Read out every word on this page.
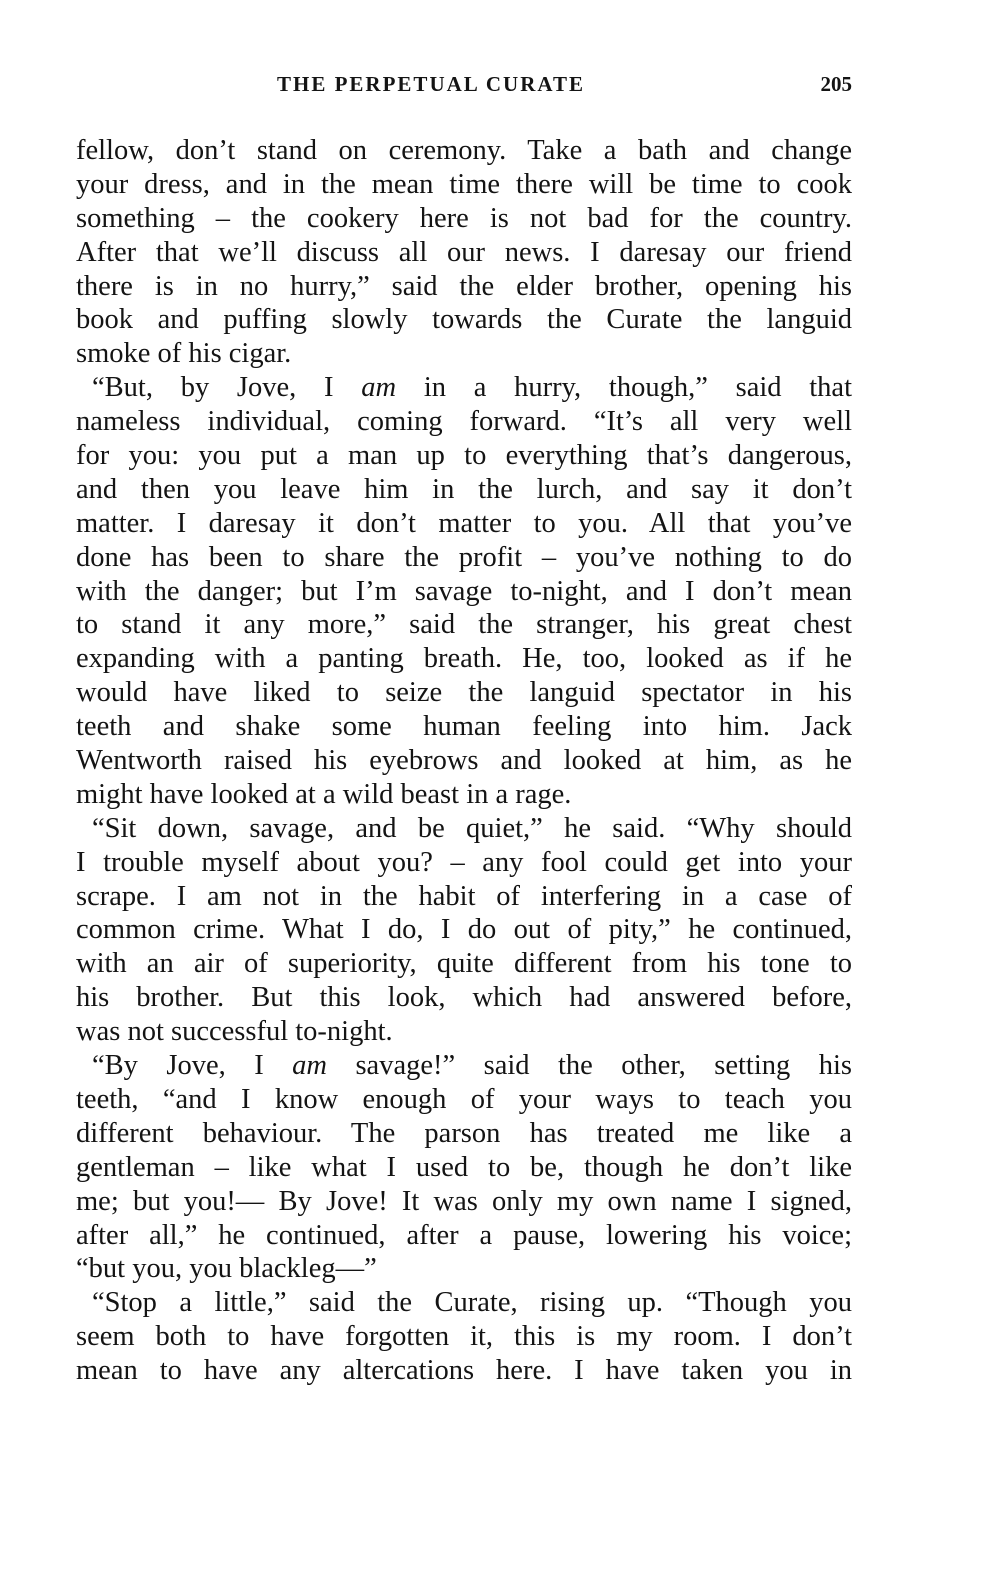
THE PERPETUAL CURATE	205
fellow, don’t stand on ceremony. Take a bath and change
your dress, and in the mean time there will be time to cook
something – the cookery here is not bad for the country.
After that we’ll discuss all our news. I daresay our friend
there is in no hurry,” said the elder brother, opening his
book and puffing slowly towards the Curate the languid
smoke of his cigar.
“But, by Jove, I am in a hurry, though,” said that
nameless individual, coming forward. “It’s all very well
for you: you put a man up to everything that’s dangerous,
and then you leave him in the lurch, and say it don’t
matter. I daresay it don’t matter to you. All that you’ve
done has been to share the profit – you’ve nothing to do
with the danger; but I’m savage to-night, and I don’t mean
to stand it any more,” said the stranger, his great chest
expanding with a panting breath. He, too, looked as if he
would have liked to seize the languid spectator in his
teeth and shake some human feeling into him. Jack
Wentworth raised his eyebrows and looked at him, as he
might have looked at a wild beast in a rage.
“Sit down, savage, and be quiet,” he said. “Why should
I trouble myself about you? – any fool could get into your
scrape. I am not in the habit of interfering in a case of
common crime. What I do, I do out of pity,” he continued,
with an air of superiority, quite different from his tone to
his brother. But this look, which had answered before,
was not successful to-night.
“By Jove, I am savage!” said the other, setting his
teeth, “and I know enough of your ways to teach you
different behaviour. The parson has treated me like a
gentleman – like what I used to be, though he don’t like
me; but you!— By Jove! It was only my own name I signed,
after all,” he continued, after a pause, lowering his voice;
“but you, you blackleg—”
“Stop a little,” said the Curate, rising up. “Though you
seem both to have forgotten it, this is my room. I don’t
mean to have any altercations here. I have taken you in
